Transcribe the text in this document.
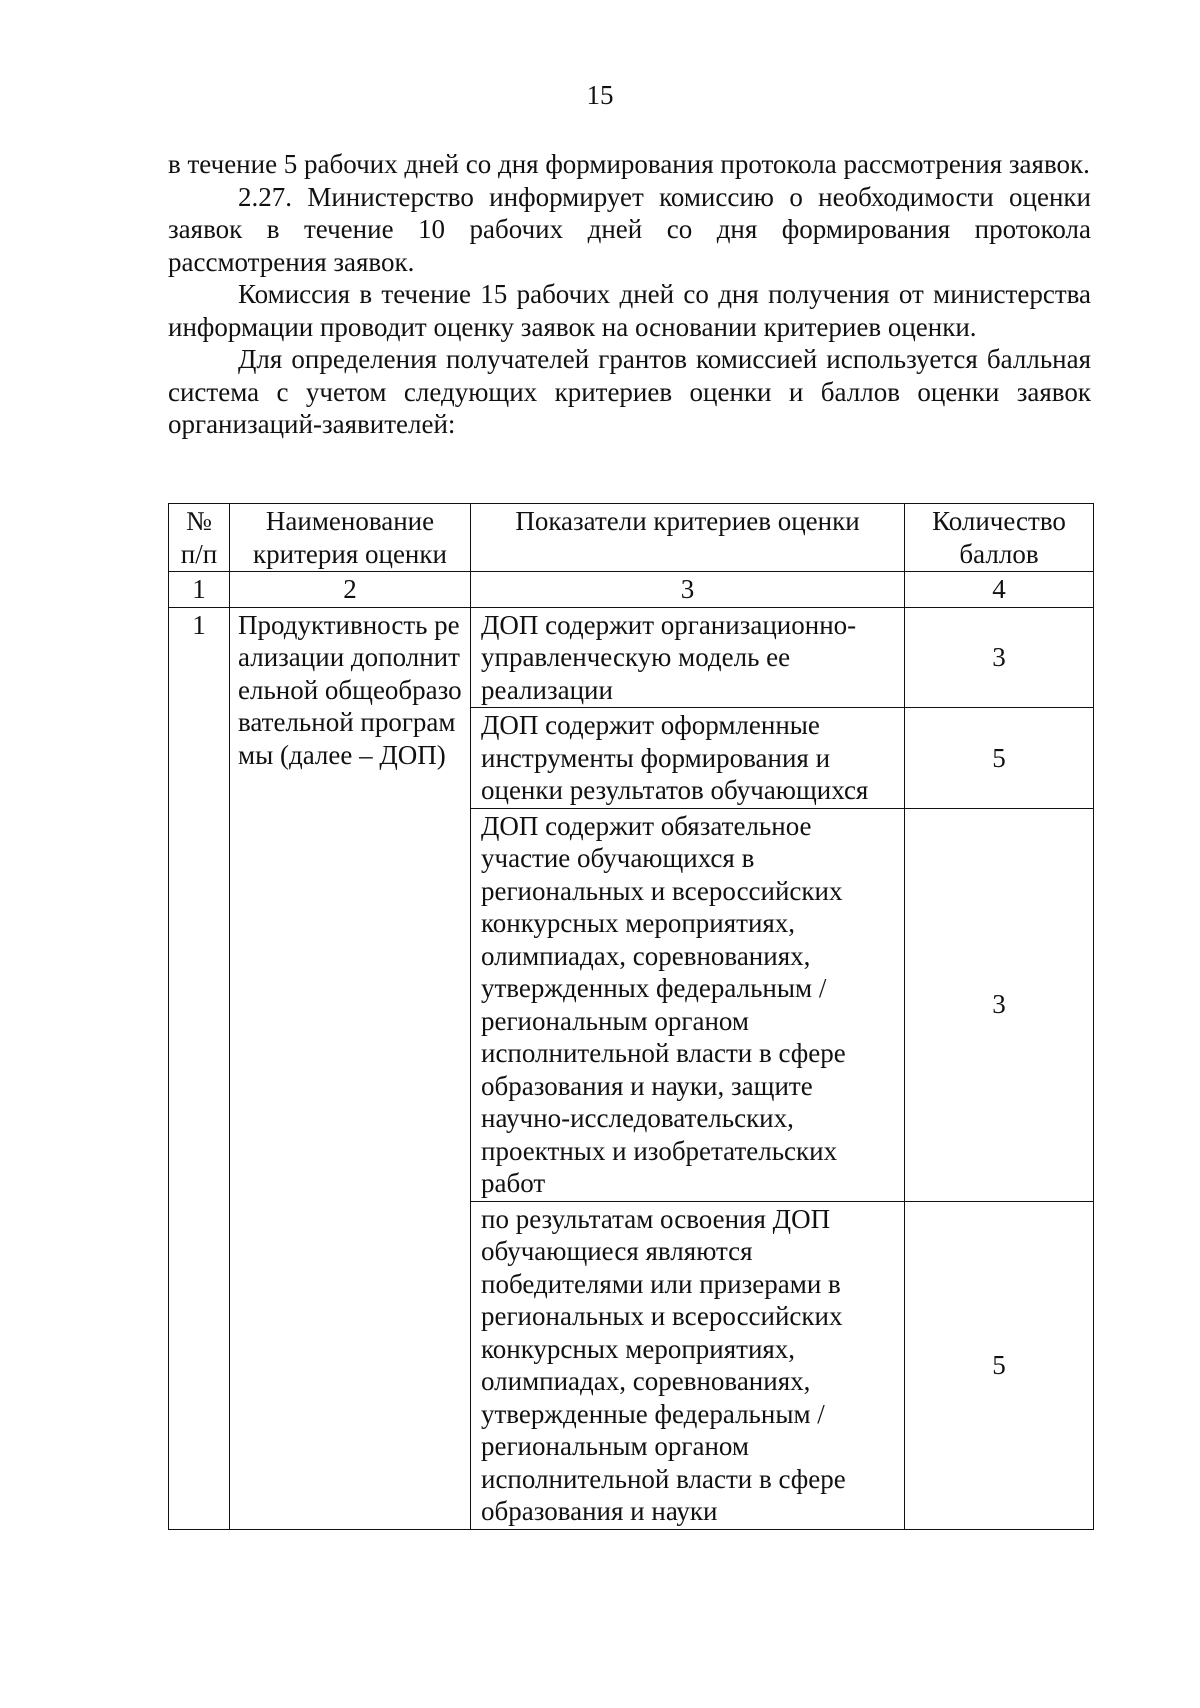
15

в течение 5 рабочих дней со дня формирования протокола рассмотрения заявок.

2.27. Министерство информирует комиссию о необходимости оценки заявок в течение 10 рабочих дней со дня формирования протокола рассмотрения заявок.

Комиссия в течение 15 рабочих дней со дня получения от министерства информации проводит оценку заявок на основании критериев оценки.

Для определения получателей грантов комиссией используется балльная система с учетом следующих критериев оценки и баллов оценки заявок организаций-заявителей:

№ п/п	Наименование критерия оценки	Показатели критериев оценки	Количество баллов
1	2	3	4
1	Продуктивность реализации дополнительной общеобразовательной программы (далее – ДОП)	ДОП содержит организационно-управленческую модель ее реализации	3
		ДОП содержит оформленные инструменты формирования и оценки результатов обучающихся	5
		ДОП содержит обязательное участие обучающихся в региональных и всероссийских конкурсных мероприятиях, олимпиадах, соревнованиях, утвержденных федеральным / региональным органом исполнительной власти в сфере образования и науки, защите научно-исследовательских, проектных и изобретательских работ	3
		по результатам освоения ДОП обучающиеся являются победителями или призерами в региональных и всероссийских конкурсных мероприятиях, олимпиадах, соревнованиях, утвержденные федеральным / региональным органом исполнительной власти в сфере образования и науки	5
